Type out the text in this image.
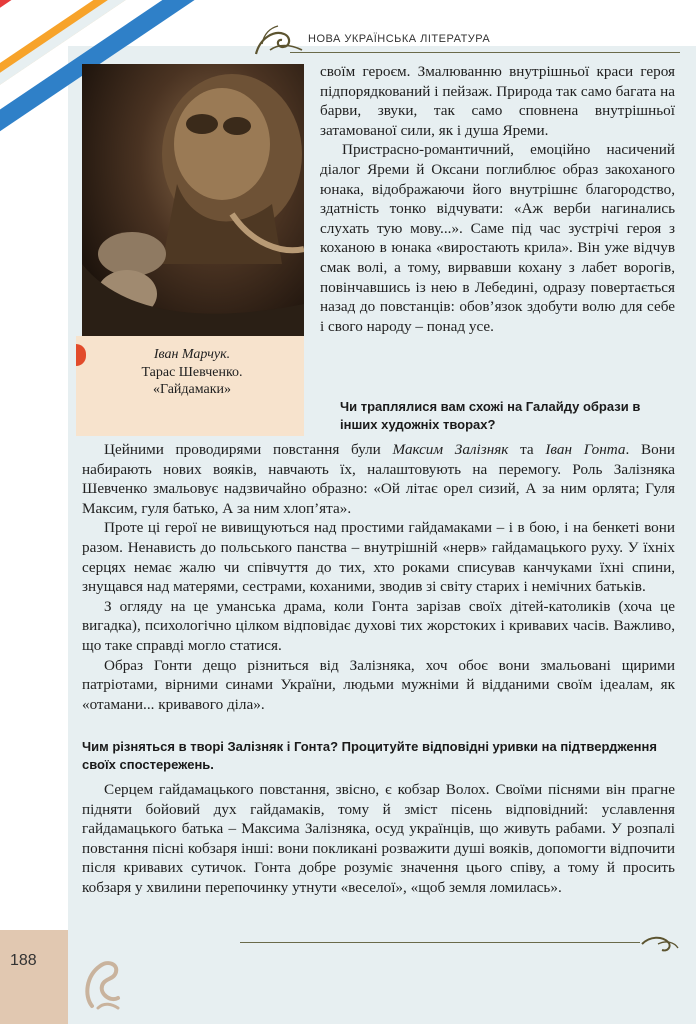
НОВА УКРАЇНСЬКА ЛІТЕРАТУРА
Іван Марчук.
Тарас Шевченко.
«Гайдамаки»

своїм героєм. Змалюванню внутрішньої краси героя підпорядкований і пейзаж. Природа так само багата на барви, звуки, так само сповнена внутрішньої затамованої сили, як і душа Яреми.

Пристрасно-романтичний, емоційно насичений діалог Яреми й Оксани поглиблює образ закоханого юнака, відображаючи його внутрішнє благородство, здатність тонко відчувати: «Аж верби нагинались слухать тую мову...». Саме під час зустрічі героя з коханою в юнака «виростають крила». Він уже відчув смак волі, а тому, вирвавши кохану з лабет ворогів, повінчавшись із нею в Лебедині, одразу повертається назад до повстанців: обов’язок здобути волю для себе і свого народу – понад усе.

Чи траплялися вам схожі на Галайду образи в інших художніх творах?

Цейними проводирями повстання були Максим Залізняк та Іван Гонта. Вони набирають нових вояків, навчають їх, налаштовують на перемогу. Роль Залізняка Шевченко змальовує надзвичайно образно: «Ой літає орел сизий, А за ним орлята; Гуля Максим, гуля батько, А за ним хлоп’ята».

Проте ці герої не вивищуються над простими гайдамаками – і в бою, і на бенкеті вони разом. Ненависть до польського панства – внутрішній «нерв» гайдамацького руху. У їхніх серцях немає жалю чи співчуття до тих, хто роками списував канчуками їхні спини, знущався над матерями, сестрами, коханими, зводив зі світу старих і немічних батьків.

З огляду на це уманська драма, коли Гонта зарізав своїх дітей-католиків (хоча це вигадка), психологічно цілком відповідає духові тих жорстоких і кривавих часів. Важливо, що таке справді могло статися.

Образ Гонти дещо різниться від Залізняка, хоч обоє вони змальовані щирими патріотами, вірними синами України, людьми мужніми й відданими своїм ідеалам, як «отамани... кривавого діла».

Чим різняться в творі Залізняк і Гонта? Процитуйте відповідні уривки на підтвердження своїх спостережень.

Серцем гайдамацького повстання, звісно, є кобзар Волох. Своїми піснями він прагне підняти бойовий дух гайдамаків, тому й зміст пісень відповідний: уславлення гайдамацького батька – Максима Залізняка, осуд українців, що живуть рабами. У розпалі повстання пісні кобзаря інші: вони покликані розважити душі вояків, допомогти відпочити після кривавих сутичок. Гонта добре розуміє значення цього співу, а тому й просить кобзаря у хвилини перепочинку утнути «веселої», «щоб земля ломилась».

188
